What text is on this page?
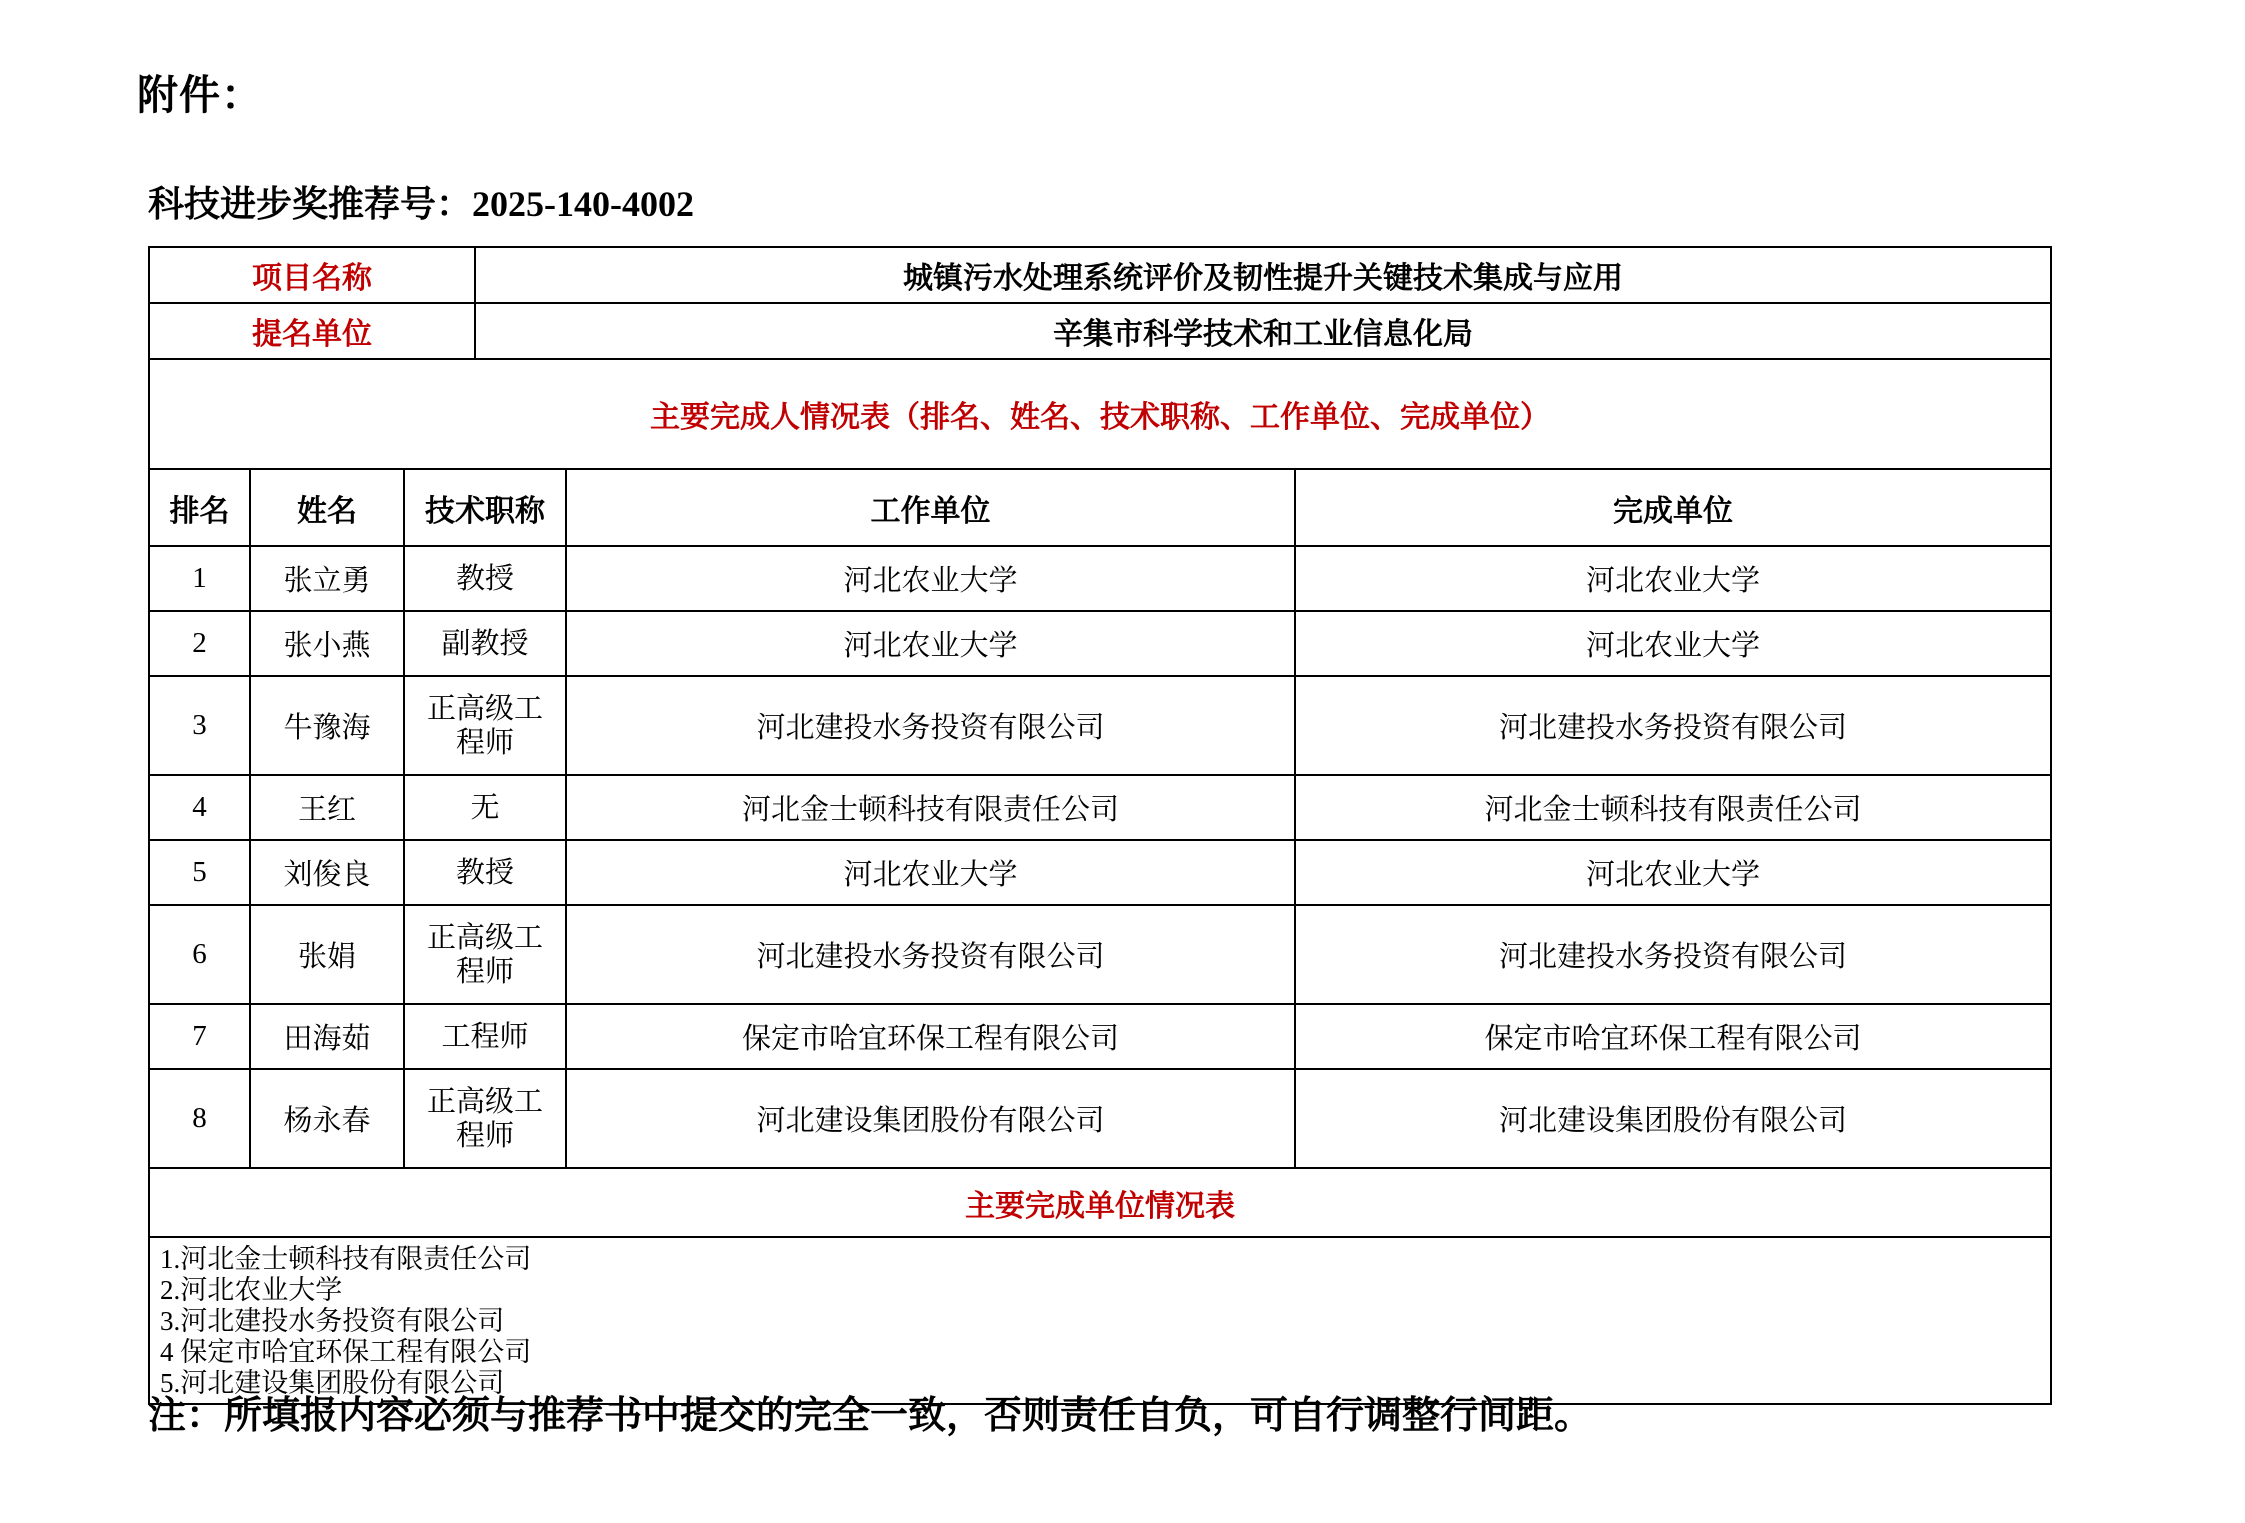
附件：
科技进步奖推荐号：2025-140-4002
项目名称			城镇污水处理系统评价及韧性提升关键技术集成与应用		
提名单位			辛集市科学技术和工业信息化局		
主要完成人情况表（排名、姓名、技术职称、工作单位、完成单位）					
排名	姓名	技术职称		工作单位	完成单位
1	张立勇	教授		河北农业大学	河北农业大学
2	张小燕	副教授		河北农业大学	河北农业大学
3	牛豫海	正高级工程师		河北建投水务投资有限公司	河北建投水务投资有限公司
4	王红	无		河北金士顿科技有限责任公司	河北金士顿科技有限责任公司
5	刘俊良	教授		河北农业大学	河北农业大学
6	张娟	正高级工程师		河北建投水务投资有限公司	河北建投水务投资有限公司
7	田海茹	工程师		保定市哈宜环保工程有限公司	保定市哈宜环保工程有限公司
8	杨永春	正高级工程师		河北建设集团股份有限公司	河北建设集团股份有限公司
主要完成单位情况表					

1.河北金士顿科技有限责任公司
2.河北农业大学
3.河北建投水务投资有限公司
4 保定市哈宜环保工程有限公司
5.河北建设集团股份有限公司					
注：所填报内容必须与推荐书中提交的完全一致，否则责任自负，可自行调整行间距。
